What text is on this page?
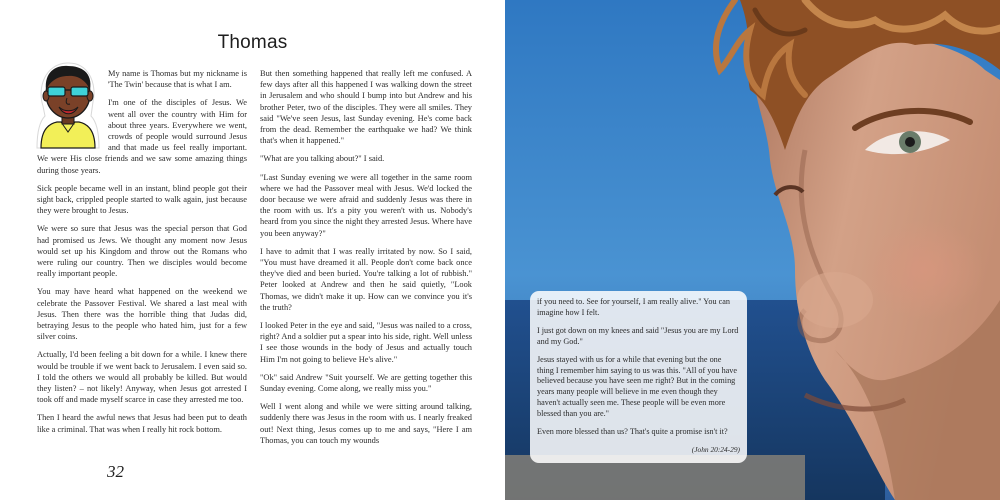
Thomas

My name is Thomas but my nickname is 'The Twin' because that is what I am.

I'm one of the disciples of Jesus. We went all over the country with Him for about three years. Everywhere we went, crowds of people would surround Jesus and that made us feel really important. We were His close friends and we saw some amazing things during those years.

Sick people became well in an instant, blind people got their sight back, crippled people started to walk again, just because they were brought to Jesus.

We were so sure that Jesus was the special person that God had promised us Jews. We thought any moment now Jesus would set up his Kingdom and throw out the Romans who were ruling our country. Then we disciples would become really important people.

You may have heard what happened on the weekend we celebrate the Passover Festival. We shared a last meal with Jesus. Then there was the horrible thing that Judas did, betraying Jesus to the people who hated him, just for a few silver coins.

Actually, I'd been feeling a bit down for a while. I knew there would be trouble if we went back to Jerusalem. I even said so. I told the others we would all probably be killed. But would they listen? – not likely! Anyway, when Jesus got arrested I took off and made myself scarce in case they arrested me too.

Then I heard the awful news that Jesus had been put to death like a criminal. That was when I really hit rock bottom.

But then something happened that really left me confused. A few days after all this happened I was walking down the street in Jerusalem and who should I bump into but Andrew and his brother Peter, two of the disciples. They were all smiles. They said "We've seen Jesus, last Sunday evening. He's come back from the dead. Remember the earthquake we had? We think that's when it happened."

"What are you talking about?" I said.

"Last Sunday evening we were all together in the same room where we had the Passover meal with Jesus. We'd locked the door because we were afraid and suddenly Jesus was there in the room with us. It's a pity you weren't with us. Nobody's heard from you since the night they arrested Jesus. Where have you been anyway?"

I have to admit that I was really irritated by now. So I said, "You must have dreamed it all. People don't come back once they've died and been buried. You're talking a lot of rubbish." Peter looked at Andrew and then he said quietly, "Look Thomas, we didn't make it up. How can we convince you it's the truth?

I looked Peter in the eye and said, "Jesus was nailed to a cross, right? And a soldier put a spear into his side, right. Well unless I see those wounds in the body of Jesus and actually touch Him I'm not going to believe He's alive."

"Ok" said Andrew "Suit yourself. We are getting together this Sunday evening. Come along, we really miss you."

Well I went along and while we were sitting around talking, suddenly there was Jesus in the room with us. I nearly freaked out! Next thing, Jesus comes up to me and says, "Here I am Thomas, you can touch my wounds

32

if you need to. See for yourself, I am really alive." You can imagine how I felt.

I just got down on my knees and said "Jesus you are my Lord and my God."

Jesus stayed with us for a while that evening but the one thing I remember him saying to us was this. "All of you have believed because you have seen me right? But in the coming years many people will believe in me even though they haven't actually seen me. These people will be even more blessed than you are."

Even more blessed than us? That's quite a promise isn't it?

(John 20:24-29)
